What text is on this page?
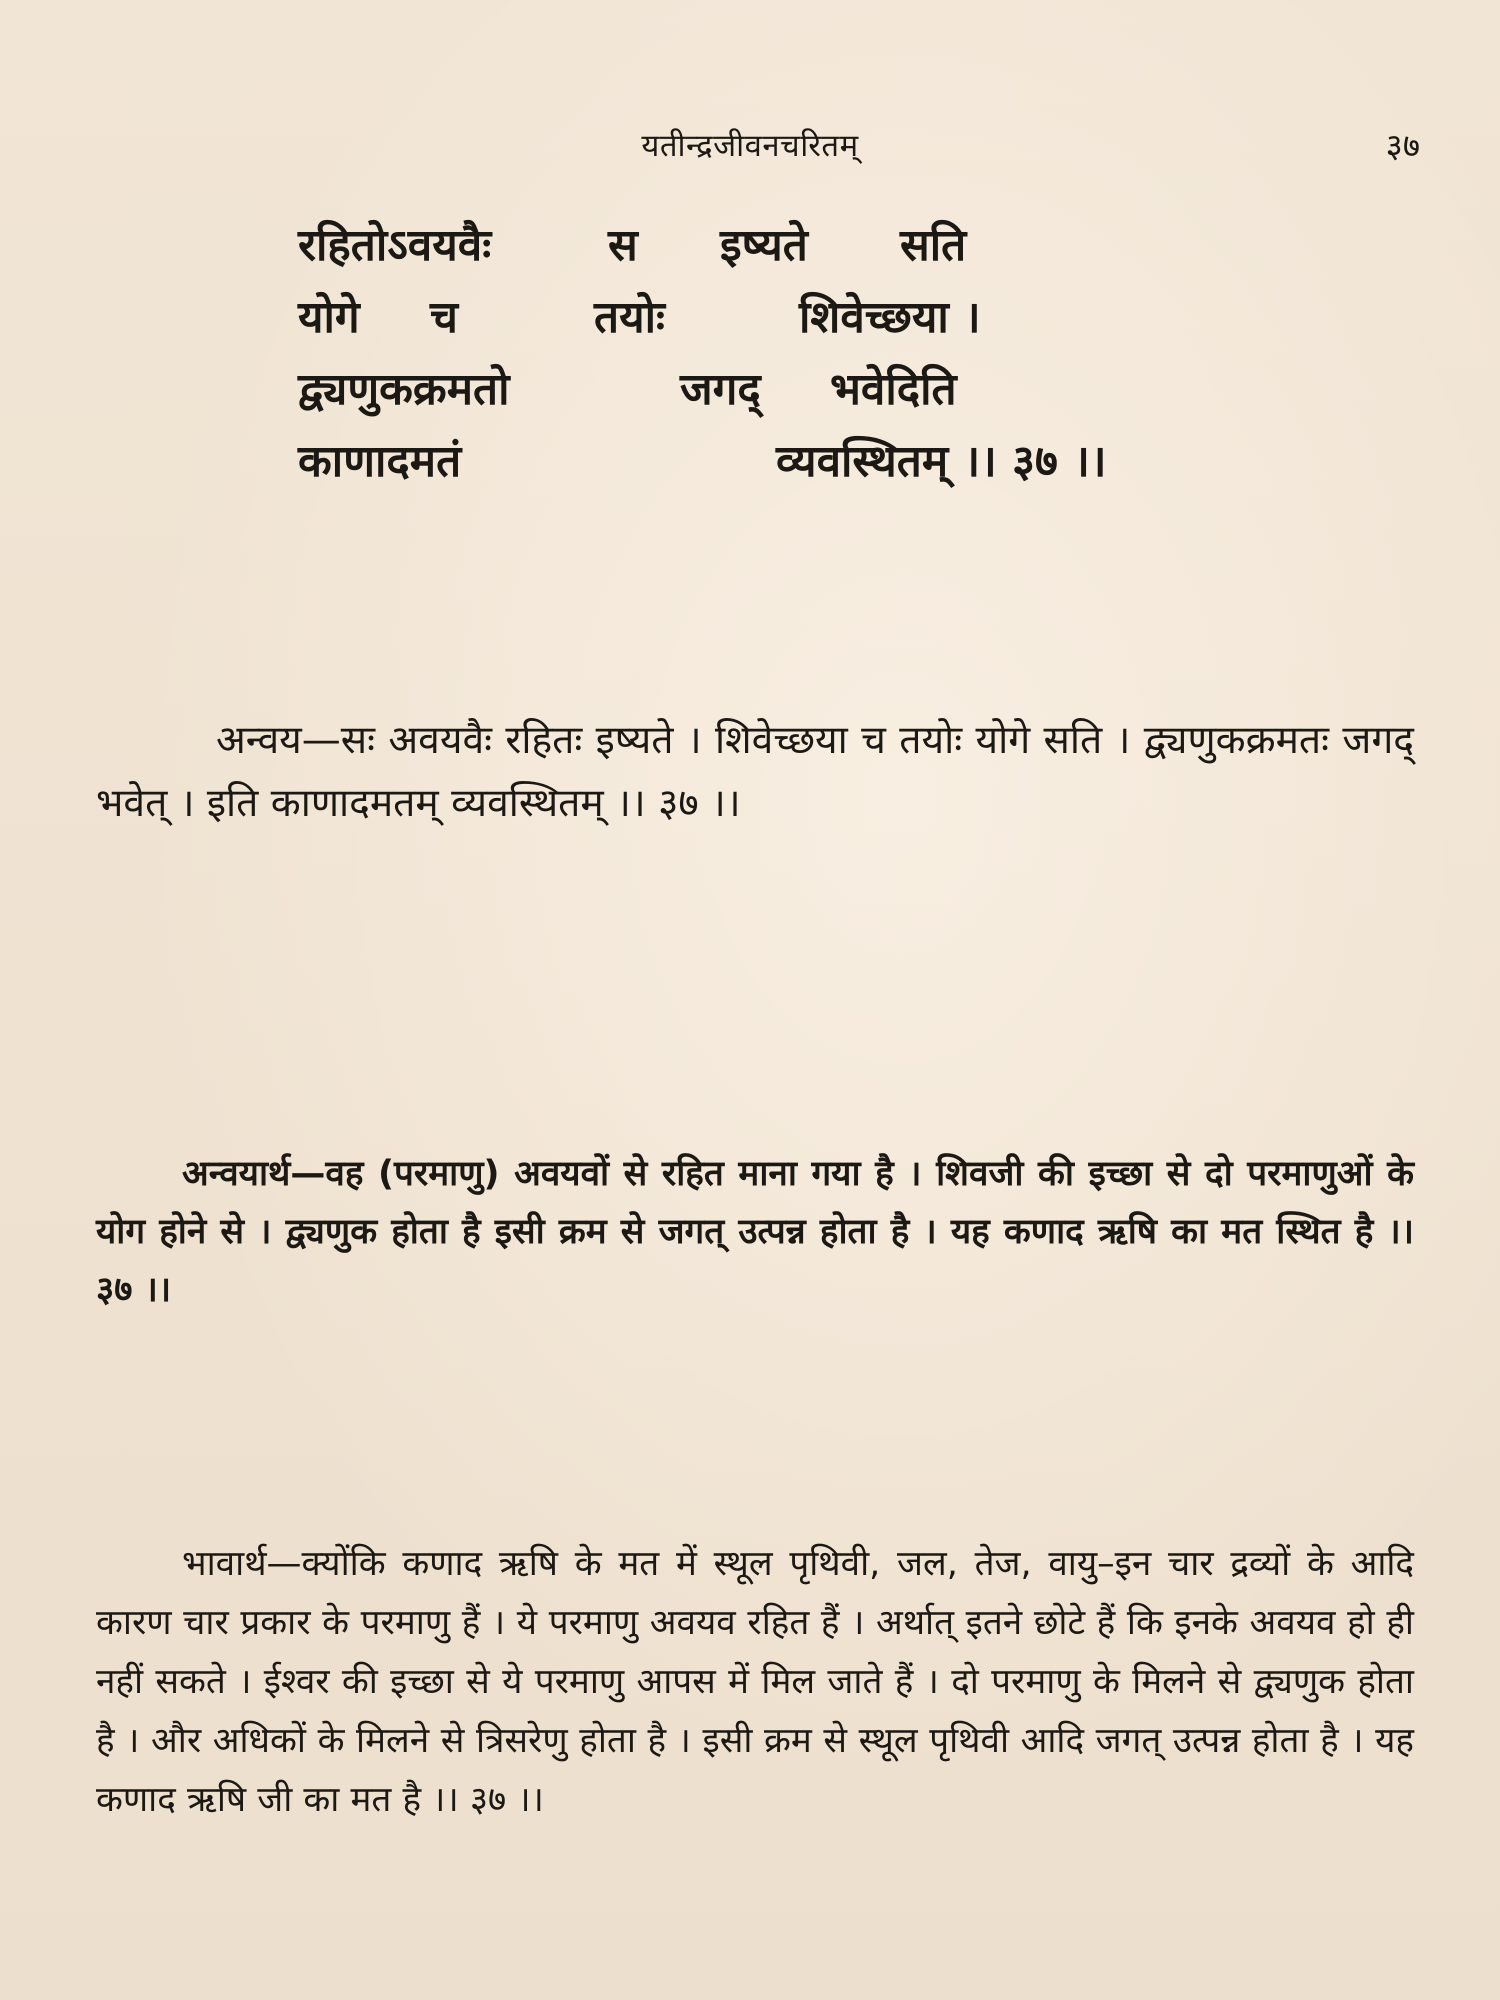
यतीन्द्रजीवनचरितम्	३७
रहितोऽवयवैः	स	इष्यते	सति
योगे	च	तयोः	शिवेच्छया ।
द्व्यणुकक्रमतो	जगद्	भवेदिति
काणादमतं	व्यवस्थितम् ।। ३७ ।।

अन्वय—सः अवयवैः रहितः इष्यते । शिवेच्छया च तयोः योगे सति । द्व्यणुकक्रमतः जगद् भवेत् । इति काणादमतम् व्यवस्थितम् ।। ३७ ।।

अन्वयार्थ—वह (परमाणु) अवयवों से रहित माना गया है । शिवजी की इच्छा से दो परमाणुओं के योग होने से । द्व्यणुक होता है इसी क्रम से जगत् उत्पन्न होता है । यह कणाद ऋषि का मत स्थित है ।। ३७ ।।

भावार्थ—क्योंकि कणाद ऋषि के मत में स्थूल पृथिवी, जल, तेज, वायु–इन चार द्रव्यों के आदि कारण चार प्रकार के परमाणु हैं । ये परमाणु अवयव रहित हैं । अर्थात् इतने छोटे हैं कि इनके अवयव हो ही नहीं सकते । ईश्वर की इच्छा से ये परमाणु आपस में मिल जाते हैं । दो परमाणु के मिलने से द्व्यणुक होता है । और अधिकों के मिलने से त्रिसरेणु होता है । इसी क्रम से स्थूल पृथिवी आदि जगत् उत्पन्न होता है । यह कणाद ऋषि जी का मत है ।। ३७ ।।
